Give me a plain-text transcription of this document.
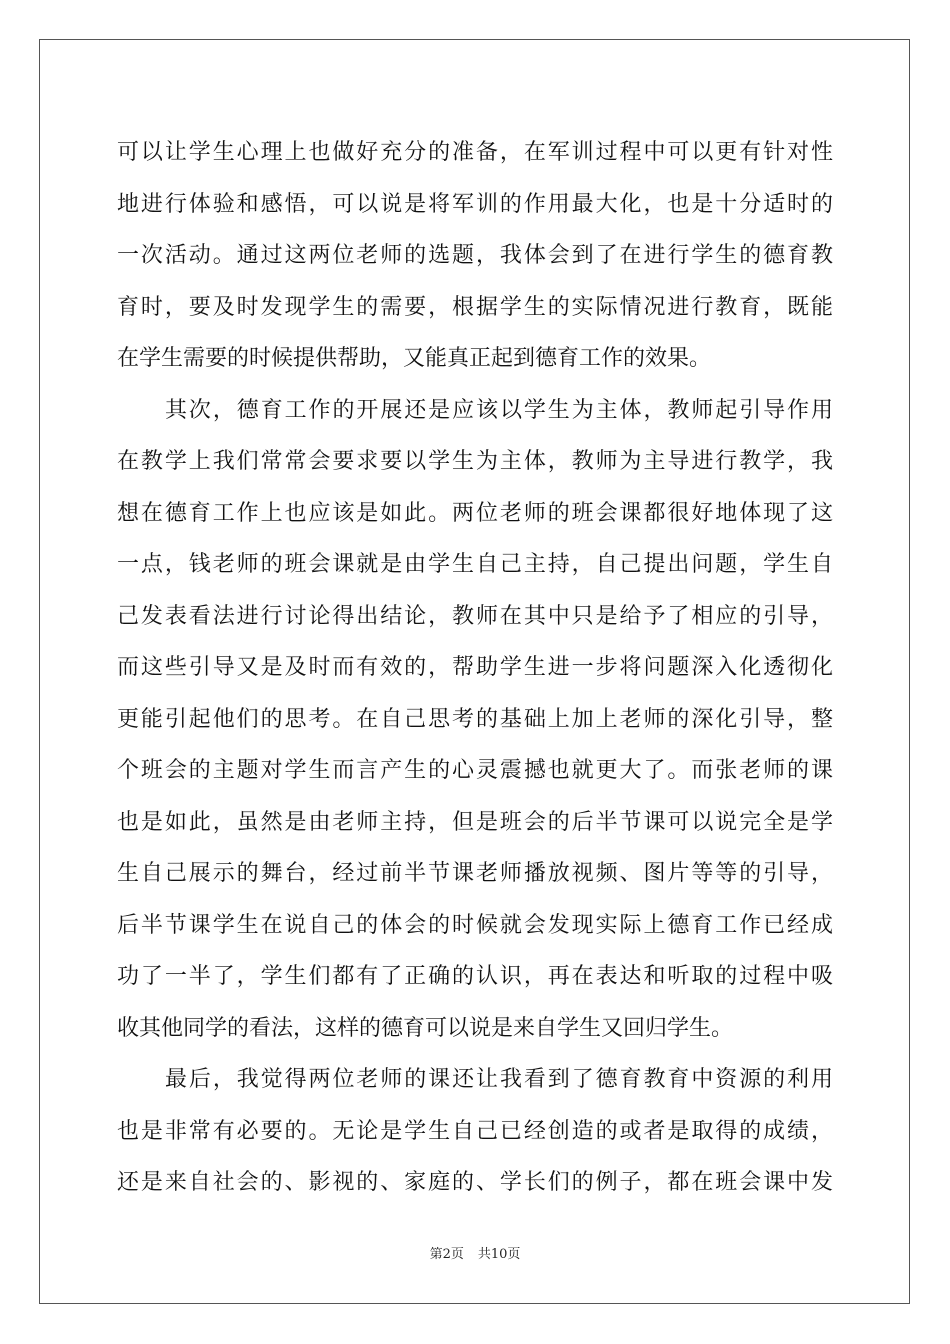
可以让学生心理上也做好充分的准备，在军训过程中可以更有针对性
地进行体验和感悟，可以说是将军训的作用最大化，也是十分适时的
一次活动。通过这两位老师的选题，我体会到了在进行学生的德育教
育时，要及时发现学生的需要，根据学生的实际情况进行教育，既能
在学生需要的时候提供帮助，又能真正起到德育工作的效果。
其次，德育工作的开展还是应该以学生为主体，教师起引导作用
在教学上我们常常会要求要以学生为主体，教师为主导进行教学，我
想在德育工作上也应该是如此。两位老师的班会课都很好地体现了这
一点，钱老师的班会课就是由学生自己主持，自己提出问题，学生自
己发表看法进行讨论得出结论，教师在其中只是给予了相应的引导，
而这些引导又是及时而有效的，帮助学生进一步将问题深入化透彻化
更能引起他们的思考。在自己思考的基础上加上老师的深化引导，整
个班会的主题对学生而言产生的心灵震撼也就更大了。而张老师的课
也是如此，虽然是由老师主持，但是班会的后半节课可以说完全是学
生自己展示的舞台，经过前半节课老师播放视频、图片等等的引导，
后半节课学生在说自己的体会的时候就会发现实际上德育工作已经成
功了一半了，学生们都有了正确的认识，再在表达和听取的过程中吸
收其他同学的看法，这样的德育可以说是来自学生又回归学生。
最后，我觉得两位老师的课还让我看到了德育教育中资源的利用
也是非常有必要的。无论是学生自己已经创造的或者是取得的成绩，
还是来自社会的、影视的、家庭的、学长们的例子，都在班会课中发
第2页 共10页
